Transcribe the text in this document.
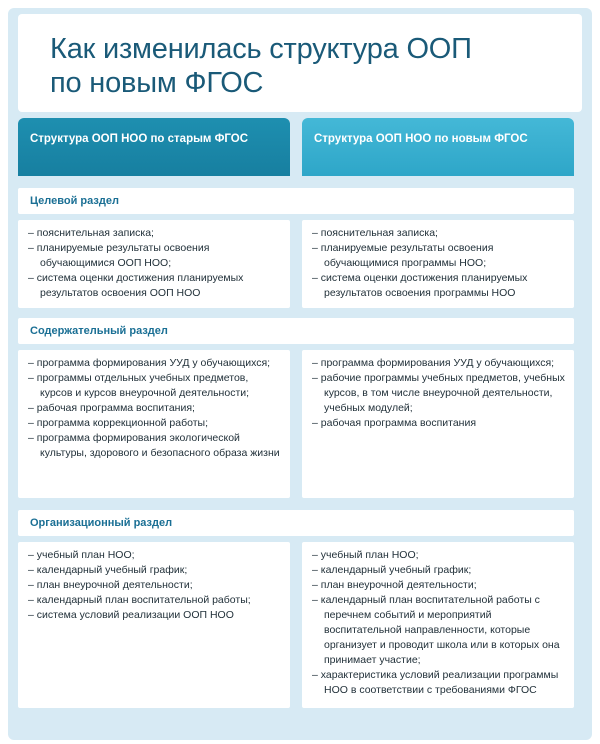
Как изменилась структура ООП
по новым ФГОС
Структура ООП НОО по старым ФГОС	Структура ООП НОО по новым ФГОС
Целевой раздел
– пояснительная записка;
– планируемые результаты освоения обучающимися ООП НОО;
– система оценки достижения планируемых результатов освоения ООП НОО
– пояснительная записка;
– планируемые результаты освоения обучающимися программы НОО;
– система оценки достижения планируемых результатов освоения программы НОО
Содержательный раздел
– программа формирования УУД у обучающихся;
– программы отдельных учебных предметов, курсов и курсов внеурочной деятельности;
– рабочая программа воспитания;
– программа коррекционной работы;
– программа формирования экологической культуры, здорового и безопасного образа жизни
– программа формирования УУД у обучающихся;
– рабочие программы учебных предметов, учебных курсов, в том числе внеурочной деятельности, учебных модулей;
– рабочая программа воспитания
Организационный раздел
– учебный план НОО;
– календарный учебный график;
– план внеурочной деятельности;
– календарный план воспитательной работы;
– система условий реализации ООП НОО
– учебный план НОО;
– календарный учебный график;
– план внеурочной деятельности;
– календарный план воспитательной работы с перечнем событий и мероприятий воспитательной направленности, которые организует и проводит школа или в которых она принимает участие;
– характеристика условий реализации программы НОО в соответствии с требованиями ФГОС
